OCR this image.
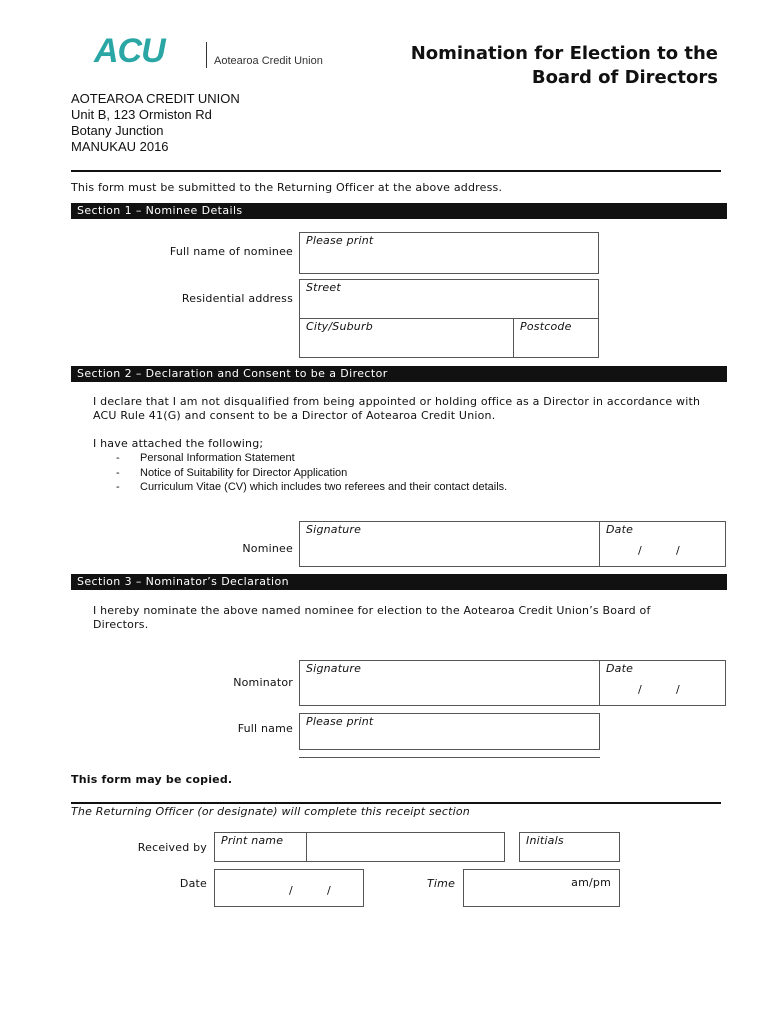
ACU	Aotearoa Credit Union	Nomination for Election to the
Board of Directors
AOTEAROA CREDIT UNION
Unit B, 123 Ormiston Rd
Botany Junction
MANUKAU 2016
This form must be submitted to the Returning Officer at the above address.
Section 1 – Nominee Details
Full name of nominee
Please print
Residential address
Street
City/Suburb	Postcode
Section 2 – Declaration and Consent to be a Director
I declare that I am not disqualified from being appointed or holding office as a Director in accordance with
ACU Rule 41(G) and consent to be a Director of Aotearoa Credit Union.
I have attached the following;
- Personal Information Statement
- Notice of Suitability for Director Application
- Curriculum Vitae (CV) which includes two referees and their contact details.
Nominee
Signature	Date
/	/
Section 3 – Nominator’s Declaration
I hereby nominate the above named nominee for election to the Aotearoa Credit Union’s Board of
Directors.
Nominator
Signature	Date
/	/
Full name
Please print
This form may be copied.
The Returning Officer (or designate) will complete this receipt section
Received by
Print name	Initials
Date
/	/
Time	am/pm
